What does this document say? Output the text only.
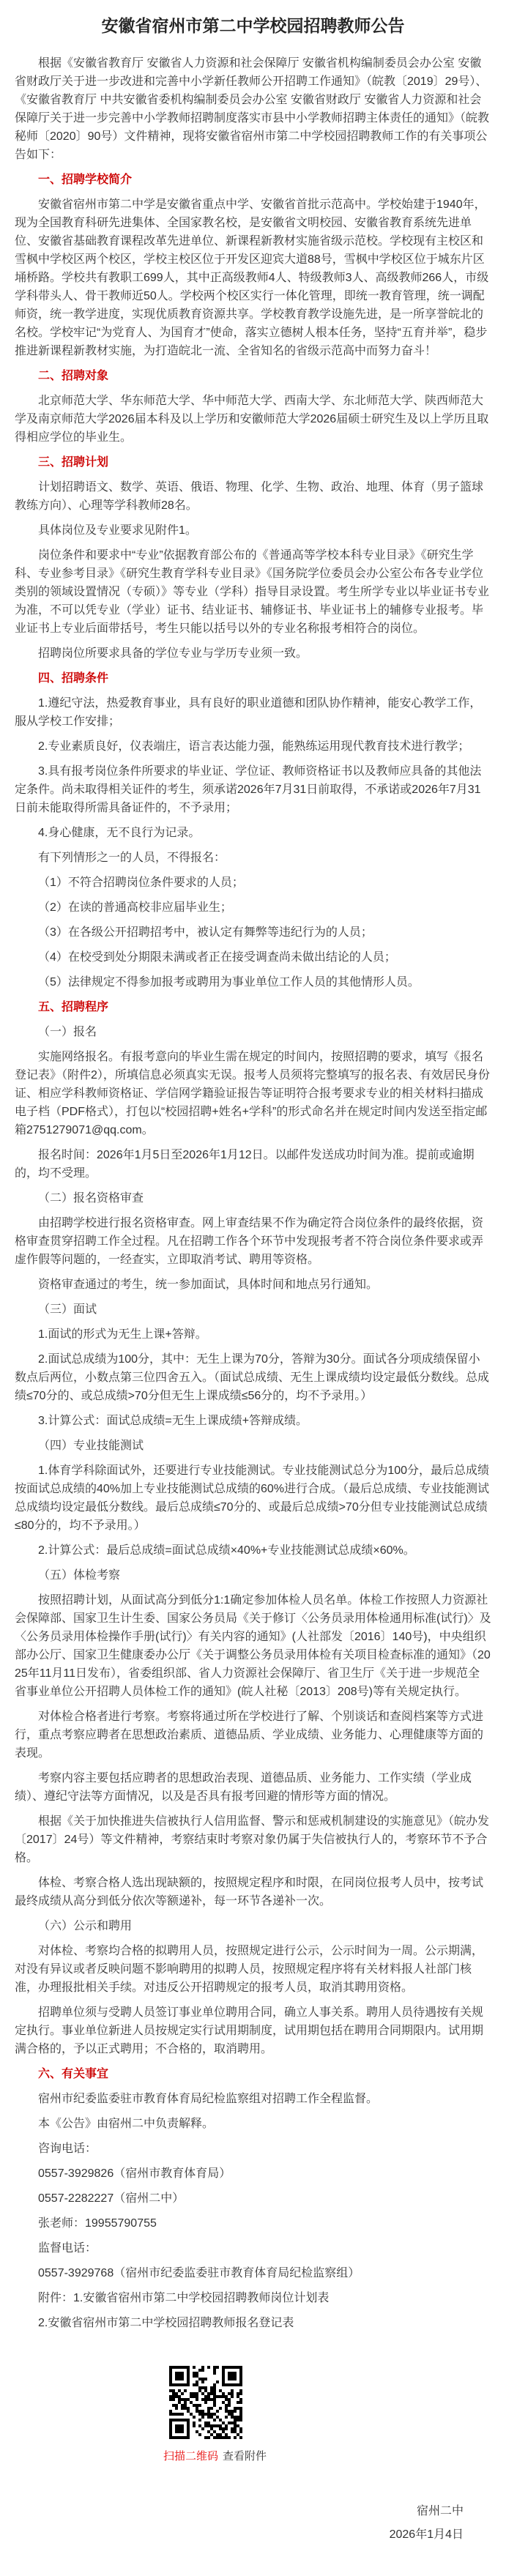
安徽省宿州市第二中学校园招聘教师公告
根据《安徽省教育厅 安徽省人力资源和社会保障厅 安徽省机构编制委员会办公室 安徽省财政厅关于进一步改进和完善中小学新任教师公开招聘工作通知》（皖教〔2019〕29号）、《安徽省教育厅 中共安徽省委机构编制委员会办公室 安徽省财政厅 安徽省人力资源和社会保障厅关于进一步完善中小学教师招聘制度落实市县中小学教师招聘主体责任的通知》（皖教秘师〔2020〕90号）文件精神，现将安徽省宿州市第二中学校园招聘教师工作的有关事项公告如下：
一、招聘学校简介
安徽省宿州市第二中学是安徽省重点中学、安徽省首批示范高中。学校始建于1940年，现为全国教育科研先进集体、全国家教名校，是安徽省文明校园、安徽省教育系统先进单位、安徽省基础教育课程改革先进单位、新课程新教材实施省级示范校。学校现有主校区和雪枫中学校区两个校区，学校主校区位于开发区迎宾大道88号，雪枫中学校区位于城东片区埇桥路。学校共有教职工699人，其中正高级教师4人、特级教师3人、高级教师266人，市级学科带头人、骨干教师近50人。学校两个校区实行一体化管理，即统一教育管理，统一调配师资，统一教学进度，实现优质教育资源共享。学校教育教学设施先进，是一所享誉皖北的名校。学校牢记“为党育人、为国育才”使命，落实立德树人根本任务，坚持“五育并举”，稳步推进新课程新教材实施，为打造皖北一流、全省知名的省级示范高中而努力奋斗！
二、招聘对象
北京师范大学、华东师范大学、华中师范大学、西南大学、东北师范大学、陕西师范大学及南京师范大学2026届本科及以上学历和安徽师范大学2026届硕士研究生及以上学历且取得相应学位的毕业生。
三、招聘计划
计划招聘语文、数学、英语、俄语、物理、化学、生物、政治、地理、体育（男子篮球教练方向）、心理等学科教师28名。
具体岗位及专业要求见附件1。
岗位条件和要求中“专业”依据教育部公布的《普通高等学校本科专业目录》《研究生学科、专业参考目录》《研究生教育学科专业目录》《国务院学位委员会办公室公布各专业学位类别的领域设置情况（专硕）》等专业（学科）指导目录设置。考生所学专业以毕业证书专业为准，不可以凭专业（学业）证书、结业证书、辅修证书、毕业证书上的辅修专业报考。毕业证书上专业后面带括号，考生只能以括号以外的专业名称报考相符合的岗位。
招聘岗位所要求具备的学位专业与学历专业须一致。
四、招聘条件
1.遵纪守法，热爱教育事业，具有良好的职业道德和团队协作精神，能安心教学工作，服从学校工作安排；
2.专业素质良好，仪表端庄，语言表达能力强，能熟练运用现代教育技术进行教学；
3.具有报考岗位条件所要求的毕业证、学位证、教师资格证书以及教师应具备的其他法定条件。尚未取得相关证件的考生，须承诺2026年7月31日前取得，不承诺或2026年7月31日前未能取得所需具备证件的，不予录用；
4.身心健康，无不良行为记录。
有下列情形之一的人员，不得报名：
（1）不符合招聘岗位条件要求的人员；
（2）在读的普通高校非应届毕业生；
（3）在各级公开招聘招考中，被认定有舞弊等违纪行为的人员；
（4）在校受到处分期限未满或者正在接受调查尚未做出结论的人员；
（5）法律规定不得参加报考或聘用为事业单位工作人员的其他情形人员。
五、招聘程序
（一）报名
实施网络报名。有报考意向的毕业生需在规定的时间内，按照招聘的要求，填写《报名登记表》（附件2），所填信息必须真实无误。报考人员须将完整填写的报名表、有效居民身份证、相应学科教师资格证、学信网学籍验证报告等证明符合报考要求专业的相关材料扫描成电子档（PDF格式），打包以“校园招聘+姓名+学科”的形式命名并在规定时间内发送至指定邮箱2751279071@qq.com。
报名时间：2026年1月5日至2026年1月12日。以邮件发送成功时间为准。提前或逾期的，均不受理。
（二）报名资格审查
由招聘学校进行报名资格审查。网上审查结果不作为确定符合岗位条件的最终依据，资格审查贯穿招聘工作全过程。凡在招聘工作各个环节中发现报考者不符合岗位条件要求或弄虚作假等问题的，一经查实，立即取消考试、聘用等资格。
资格审查通过的考生，统一参加面试，具体时间和地点另行通知。
（三）面试
1.面试的形式为无生上课+答辩。
2.面试总成绩为100分，其中：无生上课为70分，答辩为30分。面试各分项成绩保留小数点后两位，小数点第三位四舍五入。（面试总成绩、无生上课成绩均设定最低分数线。总成绩≤70分的、或总成绩>70分但无生上课成绩≤56分的，均不予录用。）
3.计算公式：面试总成绩=无生上课成绩+答辩成绩。
（四）专业技能测试
1.体育学科除面试外，还要进行专业技能测试。专业技能测试总分为100分，最后总成绩按面试总成绩的40%加上专业技能测试总成绩的60%进行合成。（最后总成绩、专业技能测试总成绩均设定最低分数线。最后总成绩≤70分的、或最后总成绩>70分但专业技能测试总成绩≤80分的，均不予录用。）
2.计算公式：最后总成绩=面试总成绩×40%+专业技能测试总成绩×60%。
（五）体检考察
按照招聘计划，从面试高分到低分1:1确定参加体检人员名单。体检工作按照人力资源社会保障部、国家卫生计生委、国家公务员局《关于修订〈公务员录用体检通用标准(试行)〉及〈公务员录用体检操作手册(试行)〉有关内容的通知》(人社部发〔2016〕140号)，中央组织部办公厅、国家卫生健康委办公厅《关于调整公务员录用体检有关项目检查标准的通知》（2025年11月11日发布），省委组织部、省人力资源社会保障厅、省卫生厅《关于进一步规范全省事业单位公开招聘人员体检工作的通知》(皖人社秘〔2013〕208号)等有关规定执行。
对体检合格者进行考察。考察将通过所在学校进行了解、个别谈话和查阅档案等方式进行，重点考察应聘者在思想政治素质、道德品质、学业成绩、业务能力、心理健康等方面的表现。
考察内容主要包括应聘者的思想政治表现、道德品质、业务能力、工作实绩（学业成绩）、遵纪守法等方面情况，以及是否具有报考回避的情形等方面的情况。
根据《关于加快推进失信被执行人信用监督、警示和惩戒机制建设的实施意见》（皖办发〔2017〕24号）等文件精神，考察结束时考察对象仍属于失信被执行人的，考察环节不予合格。
体检、考察合格人选出现缺额的，按照规定程序和时限，在同岗位报考人员中，按考试最终成绩从高分到低分依次等额递补，每一环节各递补一次。
（六）公示和聘用
对体检、考察均合格的拟聘用人员，按照规定进行公示，公示时间为一周。公示期满，对没有异议或者反映问题不影响聘用的拟聘人员，按照规定程序将有关材料报人社部门核准，办理报批相关手续。对违反公开招聘规定的报考人员，取消其聘用资格。
招聘单位须与受聘人员签订事业单位聘用合同，确立人事关系。聘用人员待遇按有关规定执行。事业单位新进人员按规定实行试用期制度，试用期包括在聘用合同期限内。试用期满合格的，予以正式聘用；不合格的，取消聘用。
六、有关事宜
宿州市纪委监委驻市教育体育局纪检监察组对招聘工作全程监督。
本《公告》由宿州二中负责解释。
咨询电话：
0557-3929826（宿州市教育体育局）
0557-2282227（宿州二中）
张老师：19955790755
监督电话：
0557-3929768（宿州市纪委监委驻市教育体育局纪检监察组）
附件：1.安徽省宿州市第二中学校园招聘教师岗位计划表
2.安徽省宿州市第二中学校园招聘教师报名登记表
扫描二维码 查看附件
宿州二中
2026年1月4日
